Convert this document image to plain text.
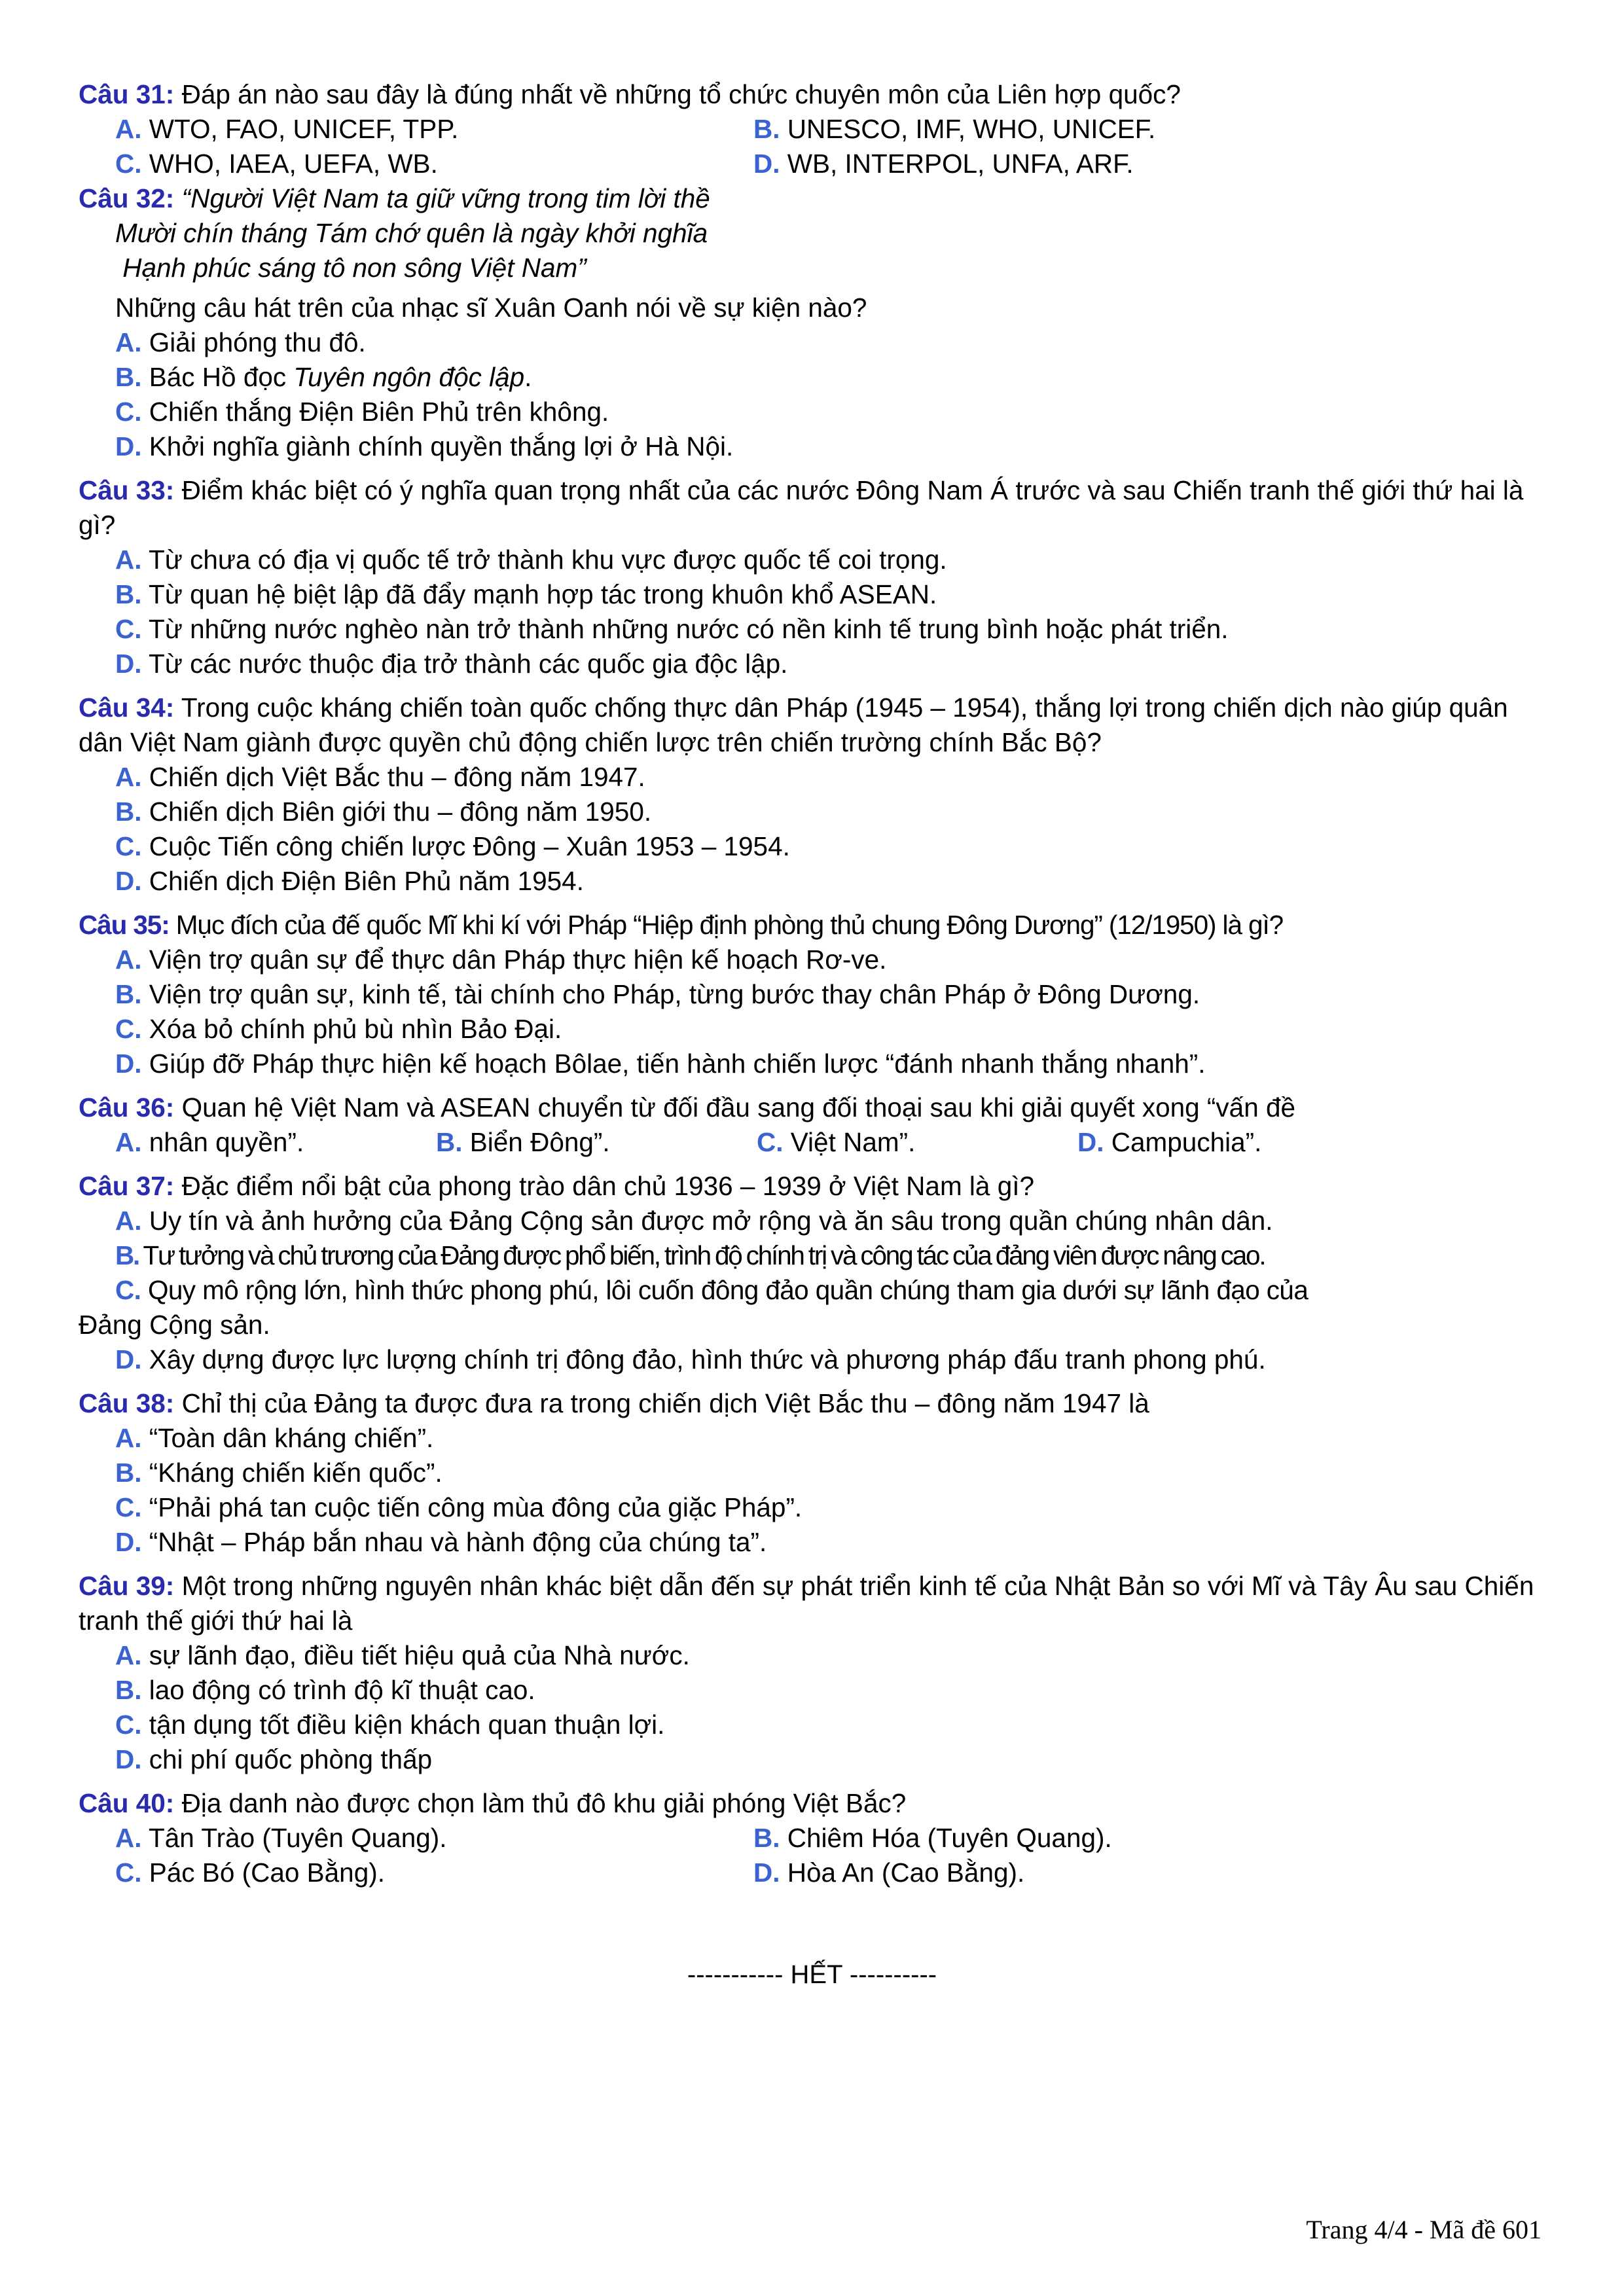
Câu 31: Đáp án nào sau đây là đúng nhất về những tổ chức chuyên môn của Liên hợp quốc?
A. WTO, FAO, UNICEF, TPP.	B. UNESCO, IMF, WHO, UNICEF.
C. WHO, IAEA, UEFA, WB.	D. WB, INTERPOL, UNFA, ARF.
Câu 32: “Người Việt Nam ta giữ vững trong tim lời thề
Mười chín tháng Tám chớ quên là ngày khởi nghĩa
Hạnh phúc sáng tô non sông Việt Nam”
Những câu hát trên của nhạc sĩ Xuân Oanh nói về sự kiện nào?
A. Giải phóng thu đô.
B. Bác Hồ đọc Tuyên ngôn độc lập.
C. Chiến thắng Điện Biên Phủ trên không.
D. Khởi nghĩa giành chính quyền thắng lợi ở Hà Nội.
Câu 33: Điểm khác biệt có ý nghĩa quan trọng nhất của các nước Đông Nam Á trước và sau Chiến tranh thế giới thứ hai là gì?
A. Từ chưa có địa vị quốc tế trở thành khu vực được quốc tế coi trọng.
B. Từ quan hệ biệt lập đã đẩy mạnh hợp tác trong khuôn khổ ASEAN.
C. Từ những nước nghèo nàn trở thành những nước có nền kinh tế trung bình hoặc phát triển.
D. Từ các nước thuộc địa trở thành các quốc gia độc lập.
Câu 34: Trong cuộc kháng chiến toàn quốc chống thực dân Pháp (1945 – 1954), thắng lợi trong chiến dịch nào giúp quân dân Việt Nam giành được quyền chủ động chiến lược trên chiến trường chính Bắc Bộ?
A. Chiến dịch Việt Bắc thu – đông năm 1947.
B. Chiến dịch Biên giới thu – đông năm 1950.
C. Cuộc Tiến công chiến lược Đông – Xuân 1953 – 1954.
D. Chiến dịch Điện Biên Phủ năm 1954.
Câu 35: Mục đích của đế quốc Mĩ khi kí với Pháp “Hiệp định phòng thủ chung Đông Dương” (12/1950) là gì?
A. Viện trợ quân sự để thực dân Pháp thực hiện kế hoạch Rơ-ve.
B. Viện trợ quân sự, kinh tế, tài chính cho Pháp, từng bước thay chân Pháp ở Đông Dương.
C. Xóa bỏ chính phủ bù nhìn Bảo Đại.
D. Giúp đỡ Pháp thực hiện kế hoạch Bôlae, tiến hành chiến lược “đánh nhanh thắng nhanh”.
Câu 36: Quan hệ Việt Nam và ASEAN chuyển từ đối đầu sang đối thoại sau khi giải quyết xong “vấn đề
A. nhân quyền”.	B. Biển Đông”.	C. Việt Nam”.	D. Campuchia”.
Câu 37: Đặc điểm nổi bật của phong trào dân chủ 1936 – 1939 ở Việt Nam là gì?
A. Uy tín và ảnh hưởng của Đảng Cộng sản được mở rộng và ăn sâu trong quần chúng nhân dân.
B. Tư tưởng và chủ trương của Đảng được phổ biến, trình độ chính trị và công tác của đảng viên được nâng cao.
C. Quy mô rộng lớn, hình thức phong phú, lôi cuốn đông đảo quần chúng tham gia dưới sự lãnh đạo của
Đảng Cộng sản.
D. Xây dựng được lực lượng chính trị đông đảo, hình thức và phương pháp đấu tranh phong phú.
Câu 38: Chỉ thị của Đảng ta được đưa ra trong chiến dịch Việt Bắc thu – đông năm 1947 là
A. “Toàn dân kháng chiến”.
B. “Kháng chiến kiến quốc”.
C. “Phải phá tan cuộc tiến công mùa đông của giặc Pháp”.
D. “Nhật – Pháp bắn nhau và hành động của chúng ta”.
Câu 39: Một trong những nguyên nhân khác biệt dẫn đến sự phát triển kinh tế của Nhật Bản so với Mĩ và Tây Âu sau Chiến tranh thế giới thứ hai là
A. sự lãnh đạo, điều tiết hiệu quả của Nhà nước.
B. lao động có trình độ kĩ thuật cao.
C. tận dụng tốt điều kiện khách quan thuận lợi.
D. chi phí quốc phòng thấp
Câu 40: Địa danh nào được chọn làm thủ đô khu giải phóng Việt Bắc?
A. Tân Trào (Tuyên Quang).	B. Chiêm Hóa (Tuyên Quang).
C. Pác Bó (Cao Bằng).	D. Hòa An (Cao Bằng).
----------- HẾT ----------
Trang 4/4 - Mã đề 601
